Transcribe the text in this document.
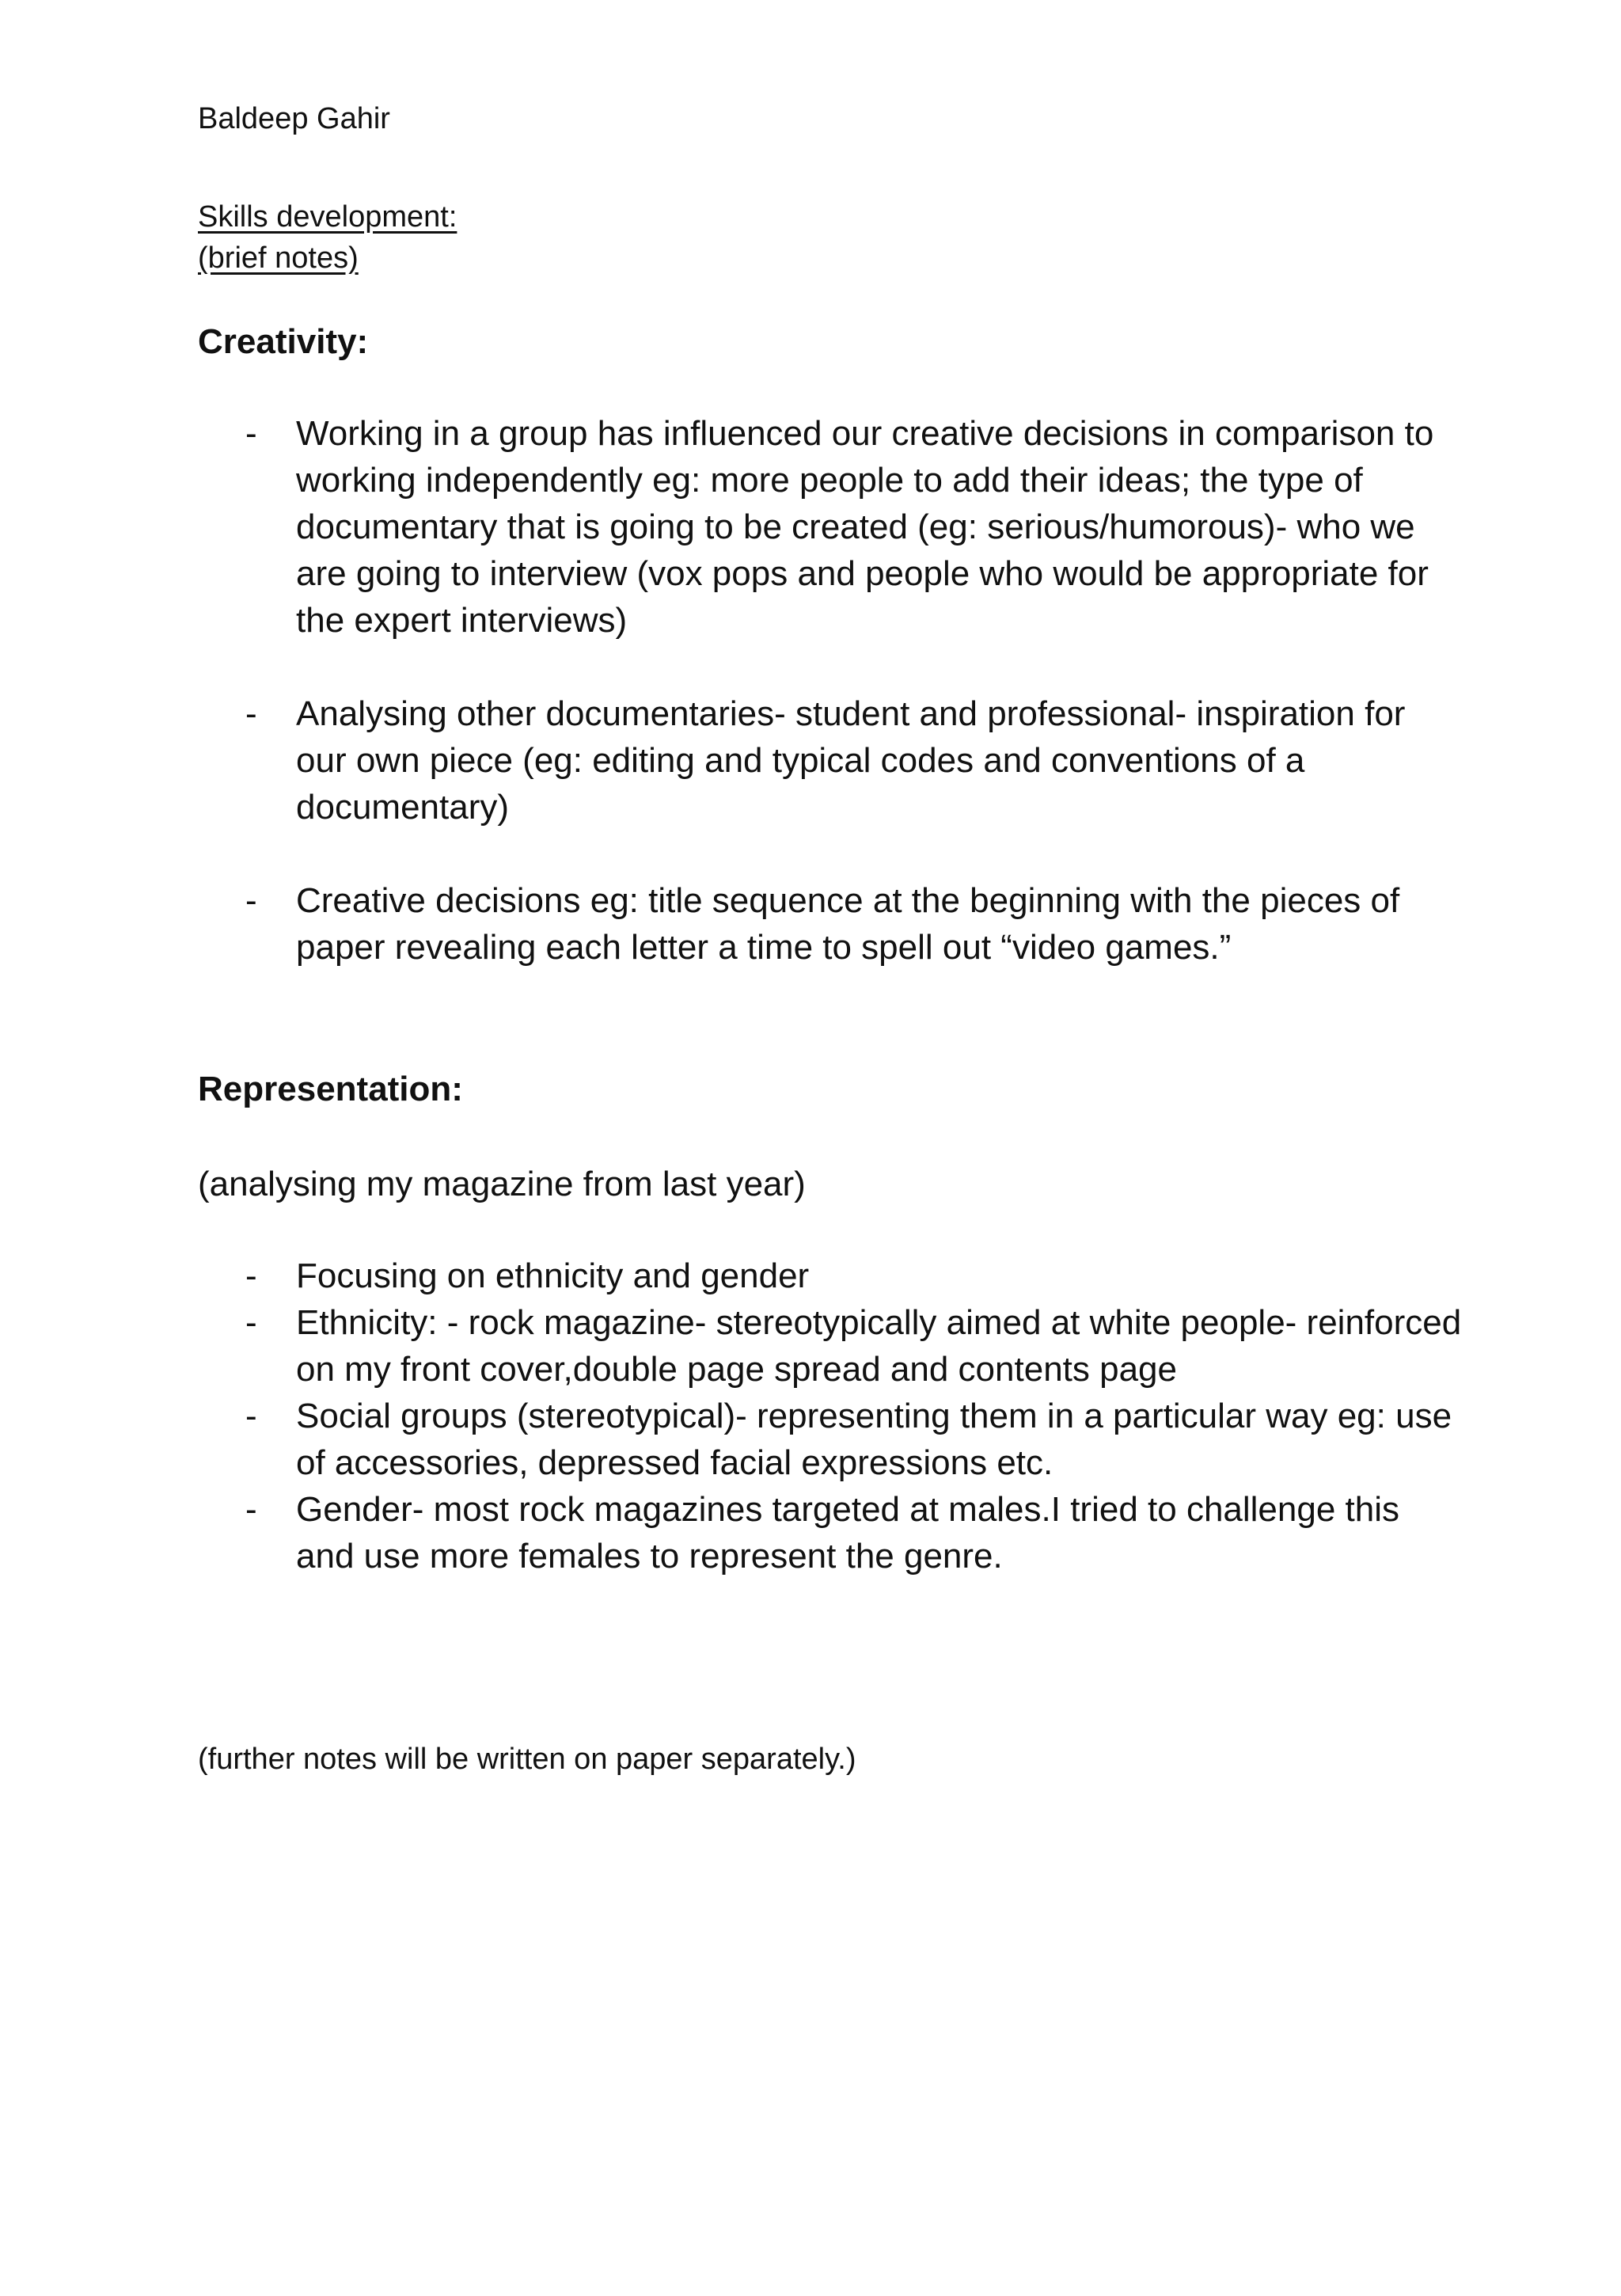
Baldeep Gahir
Skills development:
(brief notes)
Creativity:
- Working in a group has influenced our creative decisions in comparison to working independently eg: more people to add their ideas; the type of documentary that is going to be created (eg: serious/humorous)- who we are going to interview (vox pops and people who would be appropriate for the expert interviews)
- Analysing other documentaries- student and professional- inspiration for our own piece (eg: editing and typical codes and conventions of a documentary)
- Creative decisions eg: title sequence at the beginning with the pieces of paper revealing each letter a time to spell out “video games.”
Representation:
(analysing my magazine from last year)
- Focusing on ethnicity and gender
- Ethnicity: - rock magazine- stereotypically aimed at white people- reinforced on my front cover,double page spread and contents page
- Social groups (stereotypical)- representing them in a particular way eg: use of accessories, depressed facial expressions etc.
- Gender- most rock magazines targeted at males.I tried to challenge this and use more females to represent the genre.
(further notes will be written on paper separately.)
